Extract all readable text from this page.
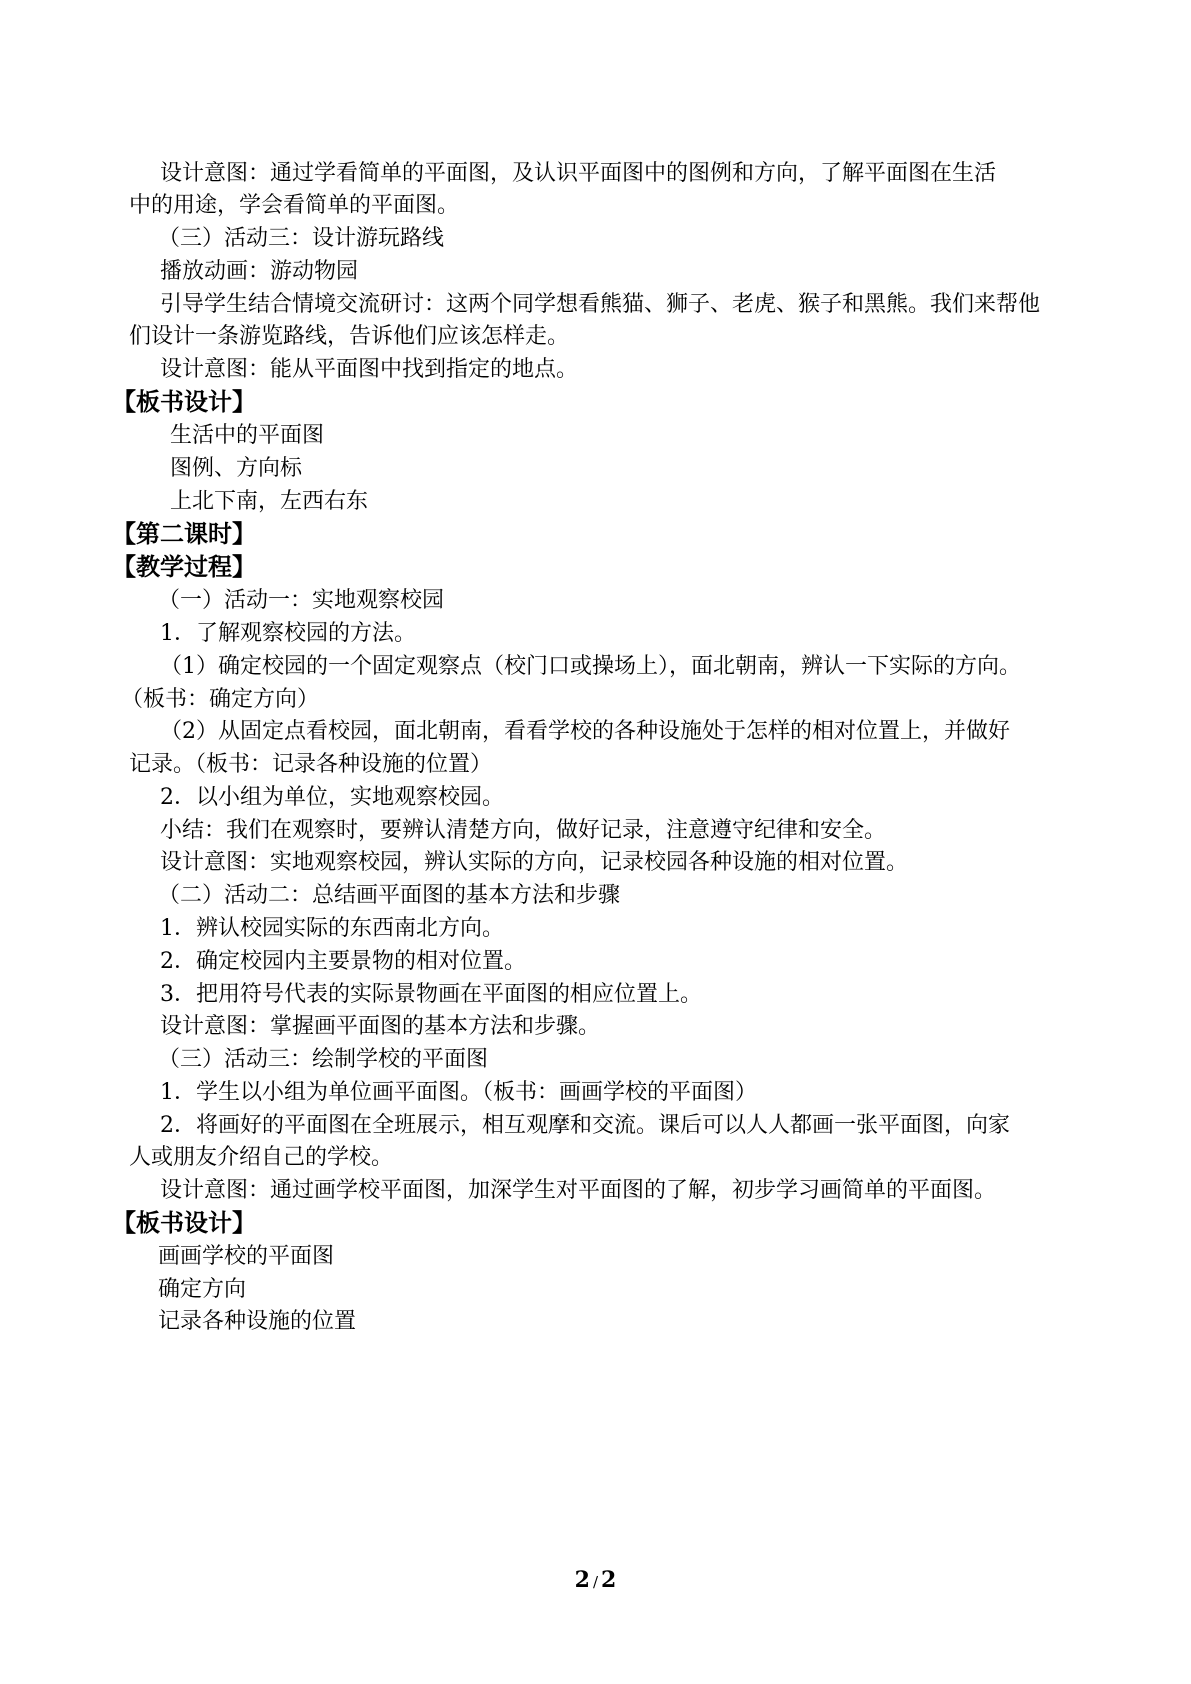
设计意图：通过学看简单的平面图，及认识平面图中的图例和方向，了解平面图在生活
中的用途，学会看简单的平面图。
（三）活动三：设计游玩路线
播放动画：游动物园
引导学生结合情境交流研讨：这两个同学想看熊猫、狮子、老虎、猴子和黑熊。我们来帮他
们设计一条游览路线，告诉他们应该怎样走。
设计意图：能从平面图中找到指定的地点。
【板书设计】
生活中的平面图
图例、方向标
上北下南，左西右东
【第二课时】
【教学过程】
（一）活动一：实地观察校园
1．了解观察校园的方法。
（1）确定校园的一个固定观察点（校门口或操场上），面北朝南，辨认一下实际的方向。
（板书：确定方向）
（2）从固定点看校园，面北朝南，看看学校的各种设施处于怎样的相对位置上，并做好
记录。（板书：记录各种设施的位置）
2．以小组为单位，实地观察校园。
小结：我们在观察时，要辨认清楚方向，做好记录，注意遵守纪律和安全。
设计意图：实地观察校园，辨认实际的方向，记录校园各种设施的相对位置。
（二）活动二：总结画平面图的基本方法和步骤
1．辨认校园实际的东西南北方向。
2．确定校园内主要景物的相对位置。
3．把用符号代表的实际景物画在平面图的相应位置上。
设计意图：掌握画平面图的基本方法和步骤。
（三）活动三：绘制学校的平面图
1．学生以小组为单位画平面图。（板书：画画学校的平面图）
2．将画好的平面图在全班展示，相互观摩和交流。课后可以人人都画一张平面图，向家
人或朋友介绍自己的学校。
设计意图：通过画学校平面图，加深学生对平面图的了解，初步学习画简单的平面图。
【板书设计】
画画学校的平面图
确定方向
记录各种设施的位置
2 / 2
